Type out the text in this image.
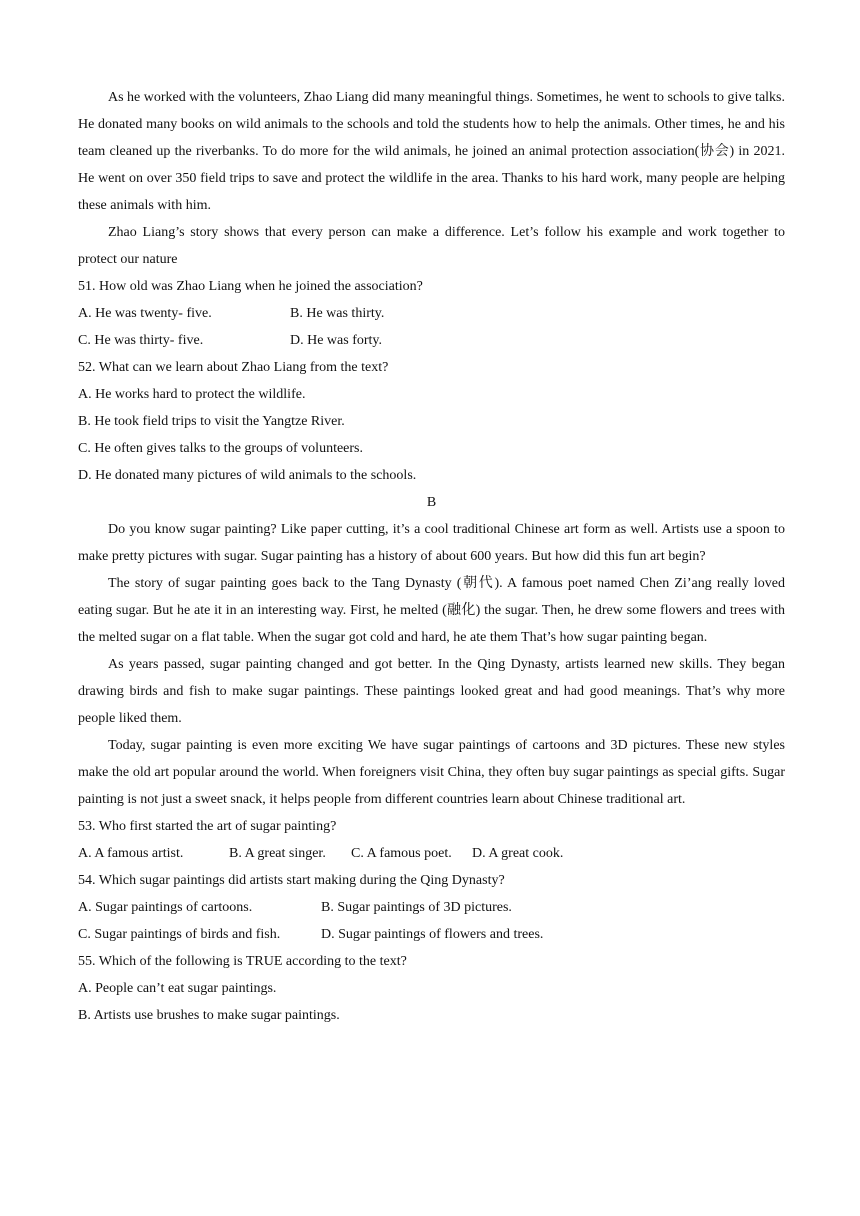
As he worked with the volunteers, Zhao Liang did many meaningful things. Sometimes, he went to schools to give talks. He donated many books on wild animals to the schools and told the students how to help the animals. Other times, he and his team cleaned up the riverbanks. To do more for the wild animals, he joined an animal protection association(协会) in 2021. He went on over 350 field trips to save and protect the wildlife in the area. Thanks to his hard work, many people are helping these animals with him.

Zhao Liang’s story shows that every person can make a difference. Let’s follow his example and work together to protect our nature

51. How old was Zhao Liang when he joined the association?

A. He was twenty- five.	B. He was thirty.
C. He was thirty- five.	D. He was forty.

52. What can we learn about Zhao Liang from the text?

A. He works hard to protect the wildlife.

B. He took field trips to visit the Yangtze River.

C. He often gives talks to the groups of volunteers.

D. He donated many pictures of wild animals to the schools.

B

Do you know sugar painting? Like paper cutting, it’s a cool traditional Chinese art form as well. Artists use a spoon to make pretty pictures with sugar. Sugar painting has a history of about 600 years. But how did this fun art begin?

The story of sugar painting goes back to the Tang Dynasty (朝代). A famous poet named Chen Zi’ang really loved eating sugar. But he ate it in an interesting way. First, he melted (融化) the sugar. Then, he drew some flowers and trees with the melted sugar on a flat table. When the sugar got cold and hard, he ate them That’s how sugar painting began.

As years passed, sugar painting changed and got better. In the Qing Dynasty, artists learned new skills. They began drawing birds and fish to make sugar paintings. These paintings looked great and had good meanings. That’s why more people liked them.

Today, sugar painting is even more exciting We have sugar paintings of cartoons and 3D pictures. These new styles make the old art popular around the world. When foreigners visit China, they often buy sugar paintings as special gifts. Sugar painting is not just a sweet snack, it helps people from different countries learn about Chinese traditional art.

53. Who first started the art of sugar painting?

A. A famous artist.	B. A great singer.	C. A famous poet.	D. A great cook.

54. Which sugar paintings did artists start making during the Qing Dynasty?

A. Sugar paintings of cartoons.	B. Sugar paintings of 3D pictures.
C. Sugar paintings of birds and fish.	D. Sugar paintings of flowers and trees.

55. Which of the following is TRUE according to the text?

A. People can’t eat sugar paintings.

B. Artists use brushes to make sugar paintings.
